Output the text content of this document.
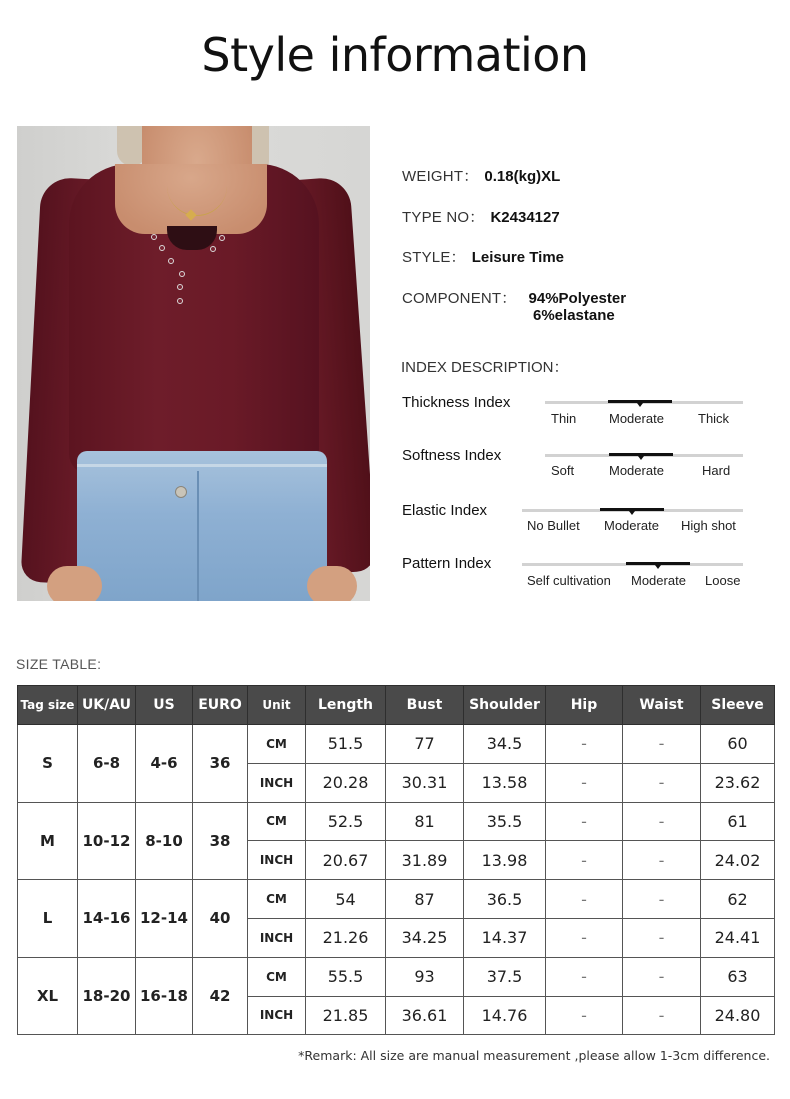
Style information
WEIGHT： 0.18(kg)XL
TYPE NO： K2434127
STYLE： Leisure Time
COMPONENT： 94%Polyester
6%elastane
INDEX DESCRIPTION：
Thickness Index
Thin	Moderate	Thick
Softness Index
Soft	Moderate	Hard
Elastic Index
No Bullet Moderate High shot
Pattern Index
Self cultivation Moderate Loose
SIZE TABLE:
Tag size	UK/AU	US	EURO	Unit	Length	Bust	Shoulder	Hip	Waist	Sleeve
S	6-8	4-6	36	CM	51.5	77	34.5	-	-	60
				INCH	20.28	30.31	13.58	-	-	23.62
M	10-12	8-10	38	CM	52.5	81	35.5	-	-	61
				INCH	20.67	31.89	13.98	-	-	24.02
L	14-16	12-14	40	CM	54	87	36.5	-	-	62
				INCH	21.26	34.25	14.37	-	-	24.41
XL	18-20	16-18	42	CM	55.5	93	37.5	-	-	63
				INCH	21.85	36.61	14.76	-	-	24.80
*Remark: All size are manual measurement ,please allow 1-3cm difference.
